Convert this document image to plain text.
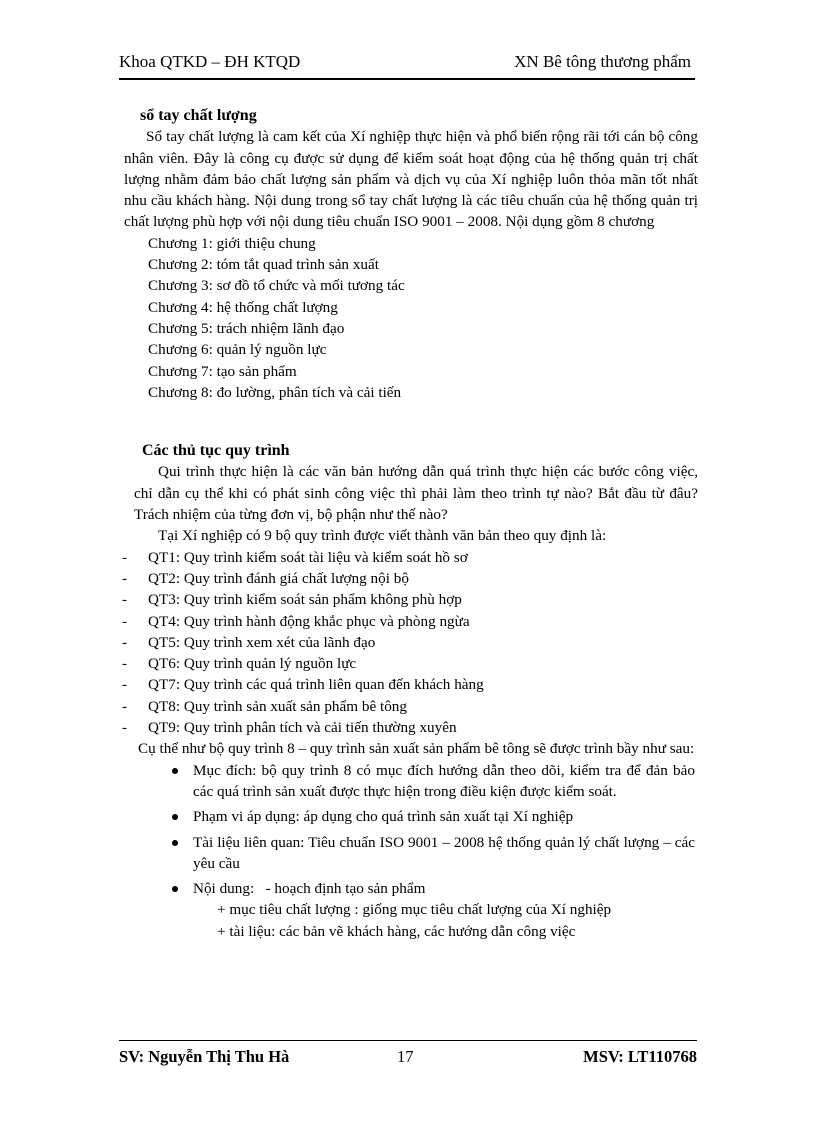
Khoa QTKD – ĐH KTQD	XN Bê tông thương phẩm
sổ tay chất lượng
Sổ tay chất lượng là cam kết của Xí nghiệp thực hiện và phổ biến rộng rãi tới cán bộ công nhân viên. Đây là công cụ được sử dụng để kiểm soát hoạt động của hệ thống quản trị chất lượng nhằm đảm bảo chất lượng sản phẩm và dịch vụ của Xí nghiệp luôn thỏa mãn tốt nhất nhu cầu khách hàng. Nội dung trong sổ tay chất lượng là các tiêu chuẩn của hệ thống quản trị chất lượng phù hợp với nội dung tiêu chuẩn ISO 9001 – 2008. Nội dụng gồm 8 chương
Chương 1: giới thiệu chung
Chương 2: tóm tắt quad trình sản xuất
Chương 3: sơ đồ tổ chức và mối tương tác
Chương 4: hệ thống chất lượng
Chương 5: trách nhiệm lãnh đạo
Chương 6: quản lý nguồn lực
Chương 7: tạo sản phẩm
Chương 8: đo lường, phân tích và cải tiến
Các thủ tục quy trình
Qui trình thực hiện là các văn bản hướng dẫn quá trình thực hiện các bước công việc, chỉ dẫn cụ thể khi có phát sinh công việc thì phải làm theo trình tự nào? Bắt đầu từ đâu? Trách nhiệm của từng đơn vị, bộ phận như thế nào?
Tại Xí nghiệp có 9 bộ quy trình được viết thành văn bản theo quy định là:
- QT1: Quy trình kiểm soát tài liệu và kiểm soát hồ sơ
- QT2: Quy trình đánh giá chất lượng nội bộ
- QT3: Quy trình kiểm soát sản phẩm không phù hợp
- QT4: Quy trình hành động khắc phục và phòng ngừa
- QT5: Quy trình xem xét của lãnh đạo
- QT6: Quy trình quản lý nguồn lực
- QT7: Quy trình các quá trình liên quan đến khách hàng
- QT8: Quy trình sản xuất sản phẩm bê tông
- QT9: Quy trình phân tích và cải tiến thường xuyên
Cụ thể như bộ quy trình 8 – quy trình sản xuất sản phẩm bê tông sẽ được trình bầy như sau:
Mục đích: bộ quy trình 8 có mục đích hướng dẫn theo dõi, kiểm tra để đản bảo các quá trình sản xuất được thực hiện trong điều kiện được kiểm soát.
Phạm vi áp dụng: áp dụng cho quá trình sản xuất tại Xí nghiệp
Tài liệu liên quan: Tiêu chuẩn ISO 9001 – 2008 hệ thống quản lý chất lượng – các yêu cầu
Nội dung:   - hoạch định tạo sản phẩm
+ mục tiêu chất lượng : giống mục tiêu chất lượng của Xí nghiệp
+ tài liệu: các bản vẽ khách hàng, các hướng dẫn công việc
SV: Nguyễn Thị Thu Hà	17	MSV: LT110768
